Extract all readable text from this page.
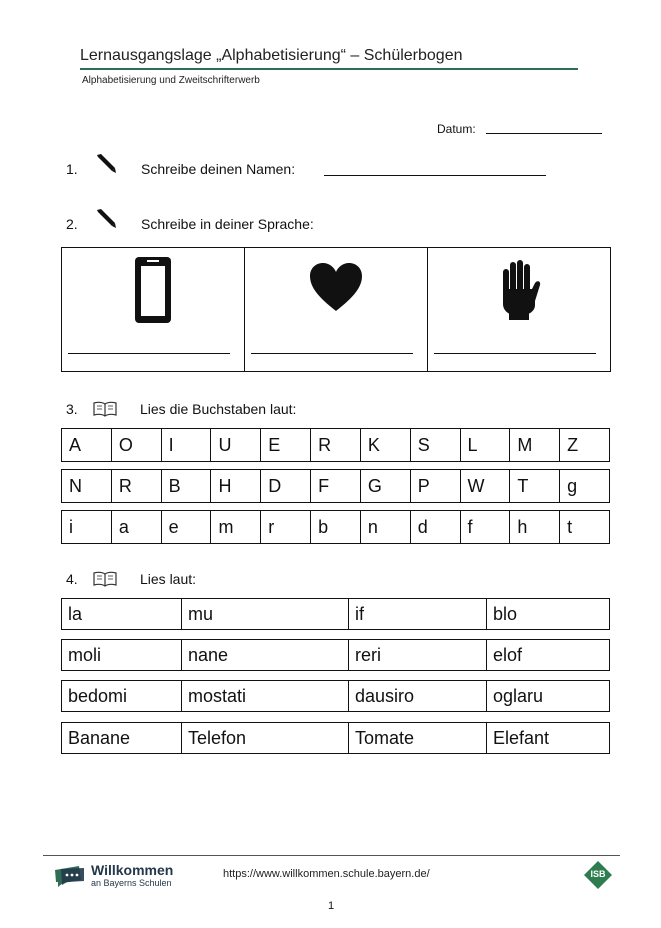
Lernausgangslage „Alphabetisierung“ – Schülerbogen
Alphabetisierung und Zweitschrifterwerb
Datum:
1.	Schreibe deinen Namen:
2.	Schreibe in deiner Sprache:
3.	Lies die Buchstaben laut:
A	O	I	U	E	R	K	S	L	M	Z
N	R	B	H	D	F	G	P	W	T	g
i	a	e	m	r	b	n	d	f	h	t
4.	Lies laut:
la	mu	if	blo
moli	nane	reri	elof
bedomi	mostati	dausiro	oglaru
Banane	Telefon	Tomate	Elefant
Willkommen
an Bayerns Schulen
https://www.willkommen.schule.bayern.de/	ISB
1
